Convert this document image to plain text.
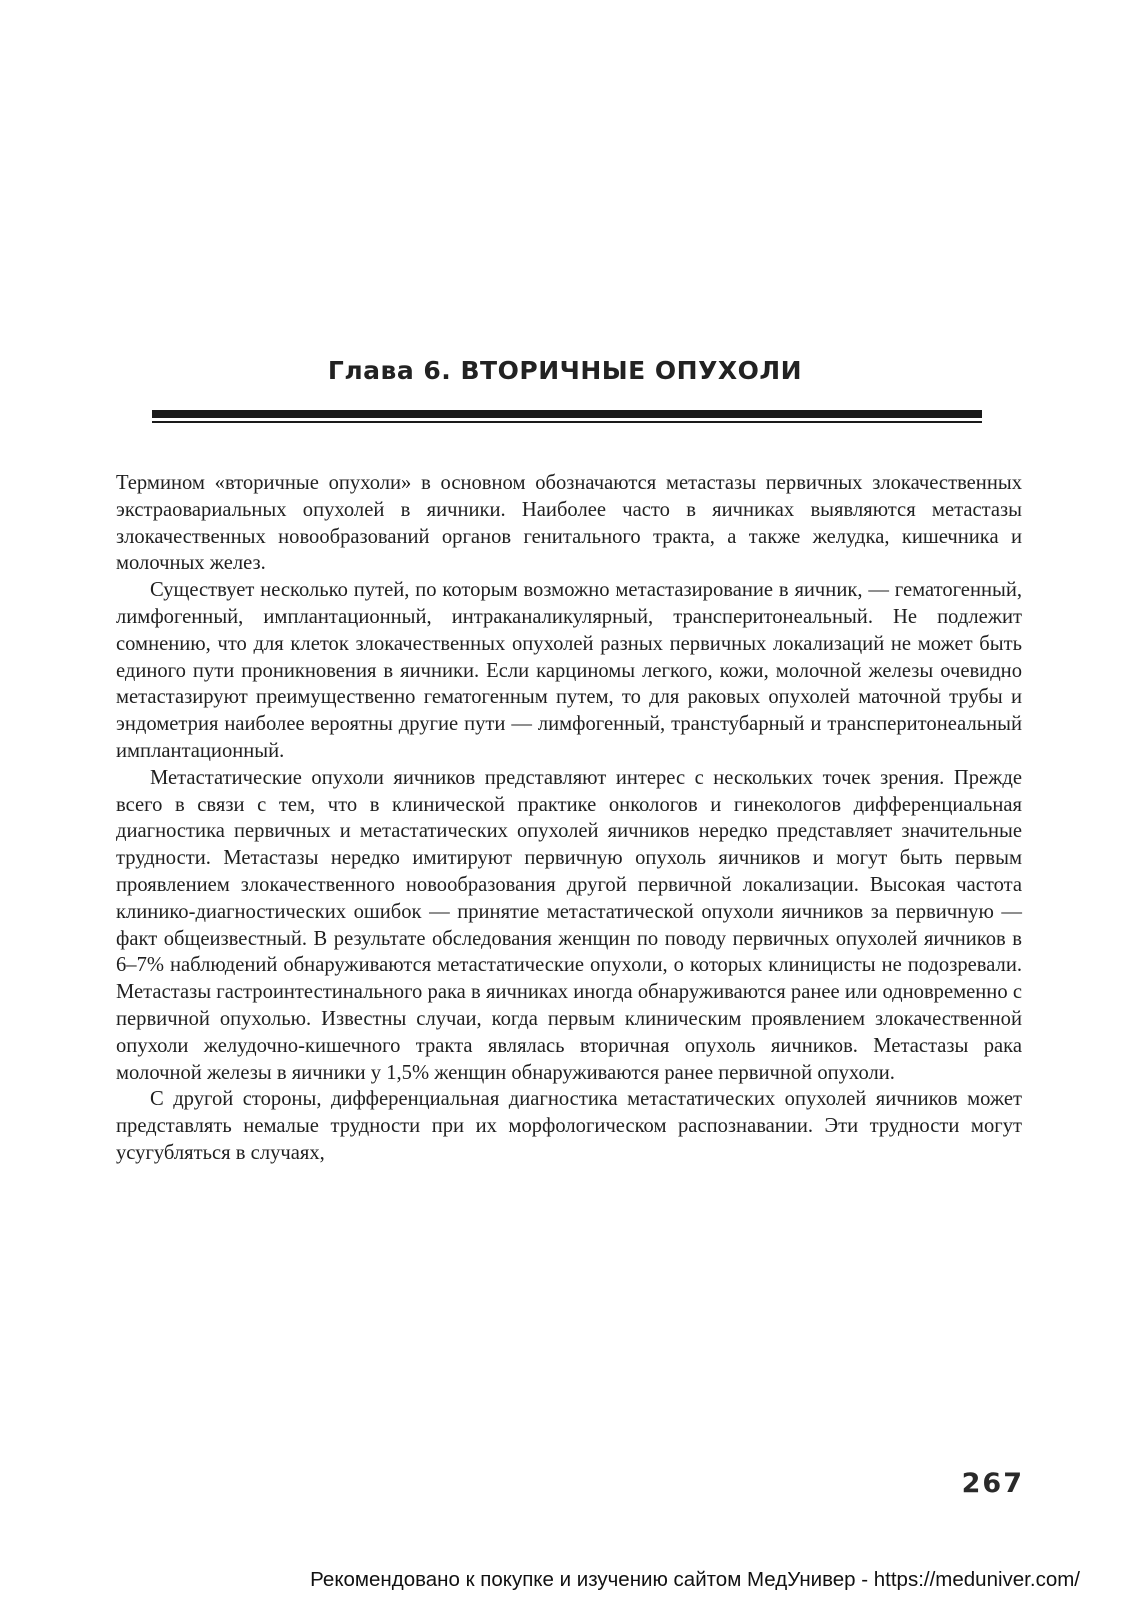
Глава 6. ВТОРИЧНЫЕ ОПУХОЛИ

Термином «вторичные опухоли» в основном обозначаются метастазы первичных злокачественных экстраовариальных опухолей в яичники. Наиболее часто в яичниках выявляются метастазы злокачественных новообразований органов генитального тракта, а также желудка, кишечника и молочных желез.

Существует несколько путей, по которым возможно метастазирование в яичник, — гематогенный, лимфогенный, имплантационный, интраканаликулярный, трансперитонеальный. Не подлежит сомнению, что для клеток злокачественных опухолей разных первичных локализаций не может быть единого пути проникновения в яичники. Если карциномы легкого, кожи, молочной железы очевидно метастазируют преимущественно гематогенным путем, то для раковых опухолей маточной трубы и эндометрия наиболее вероятны другие пути — лимфогенный, транстубарный и трансперитонеальный имплантационный.

Метастатические опухоли яичников представляют интерес с нескольких точек зрения. Прежде всего в связи с тем, что в клинической практике онкологов и гинекологов дифференциальная диагностика первичных и метастатических опухолей яичников нередко представляет значительные трудности. Метастазы нередко имитируют первичную опухоль яичников и могут быть первым проявлением злокачественного новообразования другой первичной локализации. Высокая частота клинико-диагностических ошибок — принятие метастатической опухоли яичников за первичную — факт общеизвестный. В результате обследования женщин по поводу первичных опухолей яичников в 6–7% наблюдений обнаруживаются метастатические опухоли, о которых клиницисты не подозревали. Метастазы гастроинтестинального рака в яичниках иногда обнаруживаются ранее или одновременно с первичной опухолью. Известны случаи, когда первым клиническим проявлением злокачественной опухоли желудочно-кишечного тракта являлась вторичная опухоль яичников. Метастазы рака молочной железы в яичники у 1,5% женщин обнаруживаются ранее первичной опухоли.

С другой стороны, дифференциальная диагностика метастатических опухолей яичников может представлять немалые трудности при их морфологическом распознавании. Эти трудности могут усугубляться в случаях,

267
Рекомендовано к покупке и изучению сайтом МедУнивер - https://meduniver.com/
